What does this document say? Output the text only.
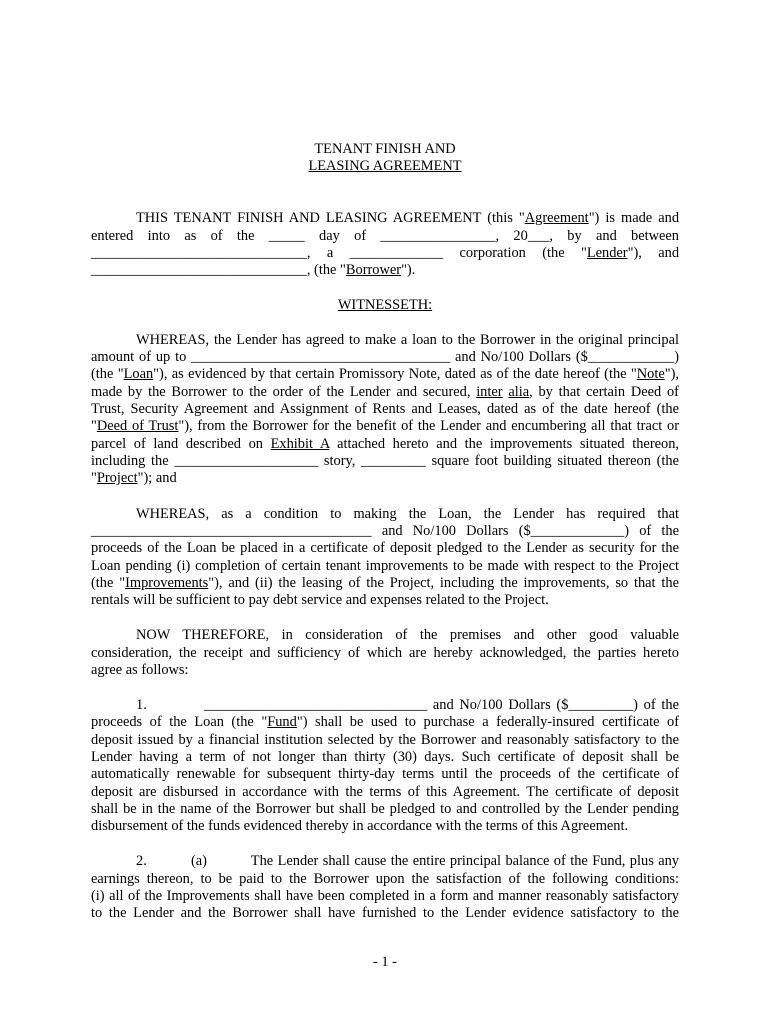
TENANT FINISH AND
LEASING AGREEMENT
THIS TENANT FINISH AND LEASING AGREEMENT (this "Agreement") is made and
entered into as of the _____ day of ________________, 20___, by and between
______________________________, a _____________ corporation (the "Lender"), and
______________________________, (the "Borrower").
WITNESSETH:
WHEREAS, the Lender has agreed to make a loan to the Borrower in the original principal
amount of up to ____________________________________ and No/100 Dollars ($____________)
(the "Loan"), as evidenced by that certain Promissory Note, dated as of the date hereof (the "Note"),
made by the Borrower to the order of the Lender and secured, inter alia, by that certain Deed of
Trust, Security Agreement and Assignment of Rents and Leases, dated as of the date hereof (the
"Deed of Trust"), from the Borrower for the benefit of the Lender and encumbering all that tract or
parcel of land described on Exhibit A attached hereto and the improvements situated thereon,
including the ____________________ story, _________ square foot building situated thereon (the
"Project"); and
WHEREAS, as a condition to making the Loan, the Lender has required that
_______________________________________ and No/100 Dollars ($_____________) of the
proceeds of the Loan be placed in a certificate of deposit pledged to the Lender as security for the
Loan pending (i) completion of certain tenant improvements to be made with respect to the Project
(the "Improvements"), and (ii) the leasing of the Project, including the improvements, so that the
rentals will be sufficient to pay debt service and expenses related to the Project.
NOW THEREFORE, in consideration of the premises and other good valuable
consideration, the receipt and sufficiency of which are hereby acknowledged, the parties hereto
agree as follows:
1.          _______________________________ and No/100 Dollars ($_________) of the
proceeds of the Loan (the "Fund") shall be used to purchase a federally-insured certificate of
deposit issued by a financial institution selected by the Borrower and reasonably satisfactory to the
Lender having a term of not longer than thirty (30) days. Such certificate of deposit shall be
automatically renewable for subsequent thirty-day terms until the proceeds of the certificate of
deposit are disbursed in accordance with the terms of this Agreement. The certificate of deposit
shall be in the name of the Borrower but shall be pledged to and controlled by the Lender pending
disbursement of the funds evidenced thereby in accordance with the terms of this Agreement.
2.          (a)          The Lender shall cause the entire principal balance of the Fund, plus any
earnings thereon, to be paid to the Borrower upon the satisfaction of the following conditions:
(i) all of the Improvements shall have been completed in a form and manner reasonably satisfactory
to the Lender and the Borrower shall have furnished to the Lender evidence satisfactory to the
- 1 -
